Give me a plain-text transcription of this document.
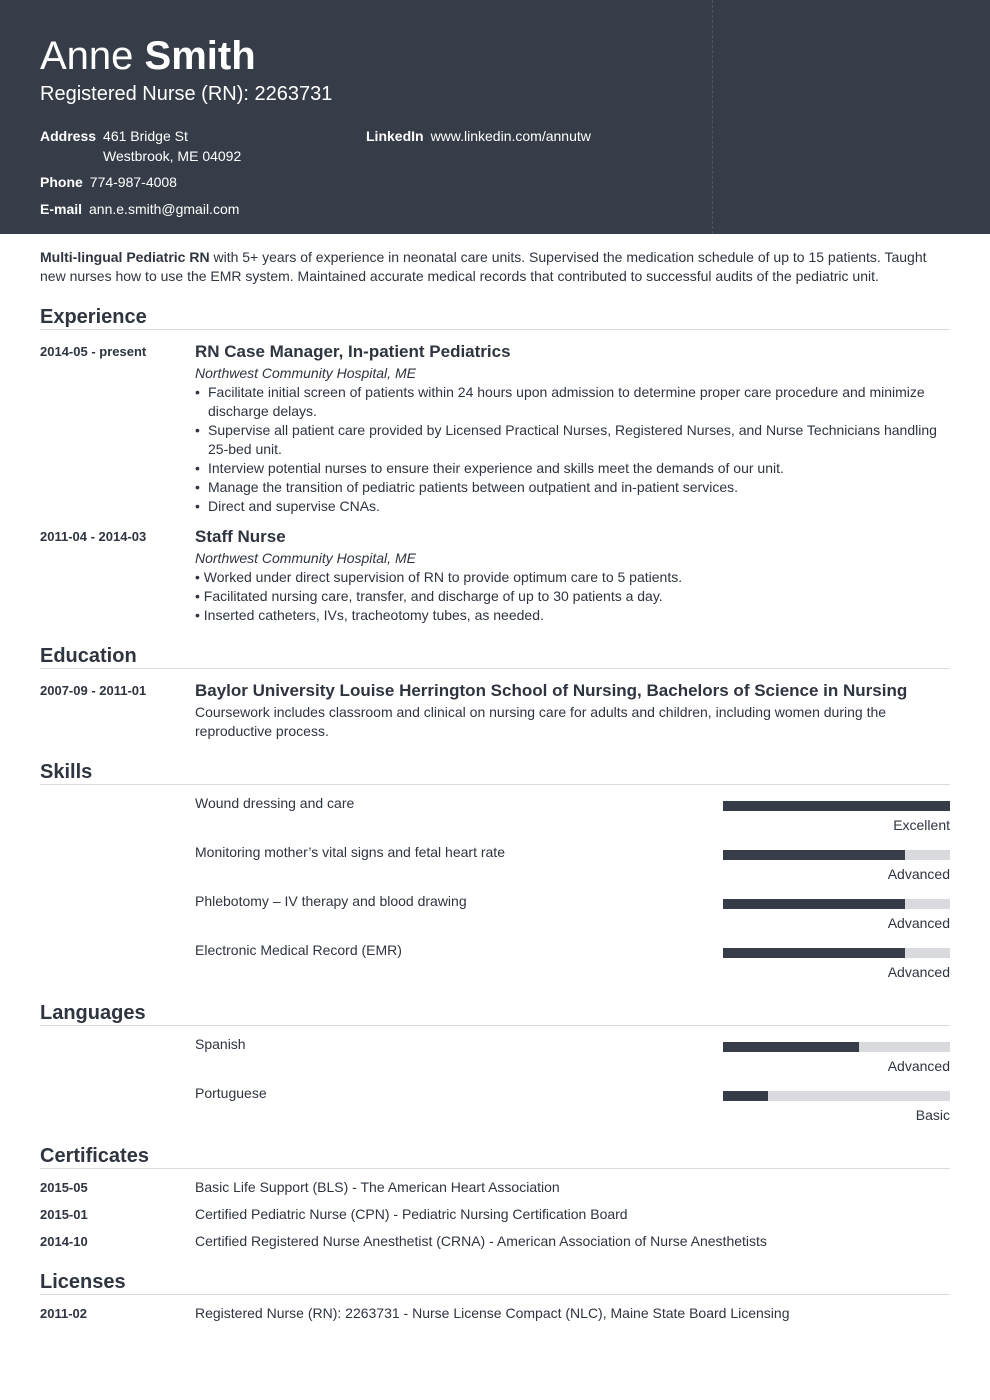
Anne Smith
Registered Nurse (RN): 2263731
Address 461 Bridge St
Westbrook, ME 04092
LinkedIn www.linkedin.com/annutw
Phone 774-987-4008
E-mail ann.e.smith@gmail.com
Multi-lingual Pediatric RN with 5+ years of experience in neonatal care units. Supervised the medication schedule of up to 15 patients. Taught new nurses how to use the EMR system. Maintained accurate medical records that contributed to successful audits of the pediatric unit.
Experience
2014-05 - present	RN Case Manager, In-patient Pediatrics
Northwest Community Hospital, ME
• Facilitate initial screen of patients within 24 hours upon admission to determine proper care procedure and minimize discharge delays.
• Supervise all patient care provided by Licensed Practical Nurses, Registered Nurses, and Nurse Technicians handling 25-bed unit.
• Interview potential nurses to ensure their experience and skills meet the demands of our unit.
• Manage the transition of pediatric patients between outpatient and in-patient services.
• Direct and supervise CNAs.
2011-04 - 2014-03	Staff Nurse
Northwest Community Hospital, ME
• Worked under direct supervision of RN to provide optimum care to 5 patients.
• Facilitated nursing care, transfer, and discharge of up to 30 patients a day.
• Inserted catheters, IVs, tracheotomy tubes, as needed.
Education
2007-09 - 2011-01	Baylor University Louise Herrington School of Nursing, Bachelors of Science in Nursing
Coursework includes classroom and clinical on nursing care for adults and children, including women during the reproductive process.
Skills
Wound dressing and care
Excellent
Monitoring mother’s vital signs and fetal heart rate
Advanced
Phlebotomy – IV therapy and blood drawing
Advanced
Electronic Medical Record (EMR)
Advanced
Languages
Spanish
Advanced
Portuguese
Basic
Certificates
2015-05	Basic Life Support (BLS) - The American Heart Association
2015-01	Certified Pediatric Nurse (CPN) - Pediatric Nursing Certification Board
2014-10	Certified Registered Nurse Anesthetist (CRNA) - American Association of Nurse Anesthetists
Licenses
2011-02	Registered Nurse (RN): 2263731 - Nurse License Compact (NLC), Maine State Board Licensing
